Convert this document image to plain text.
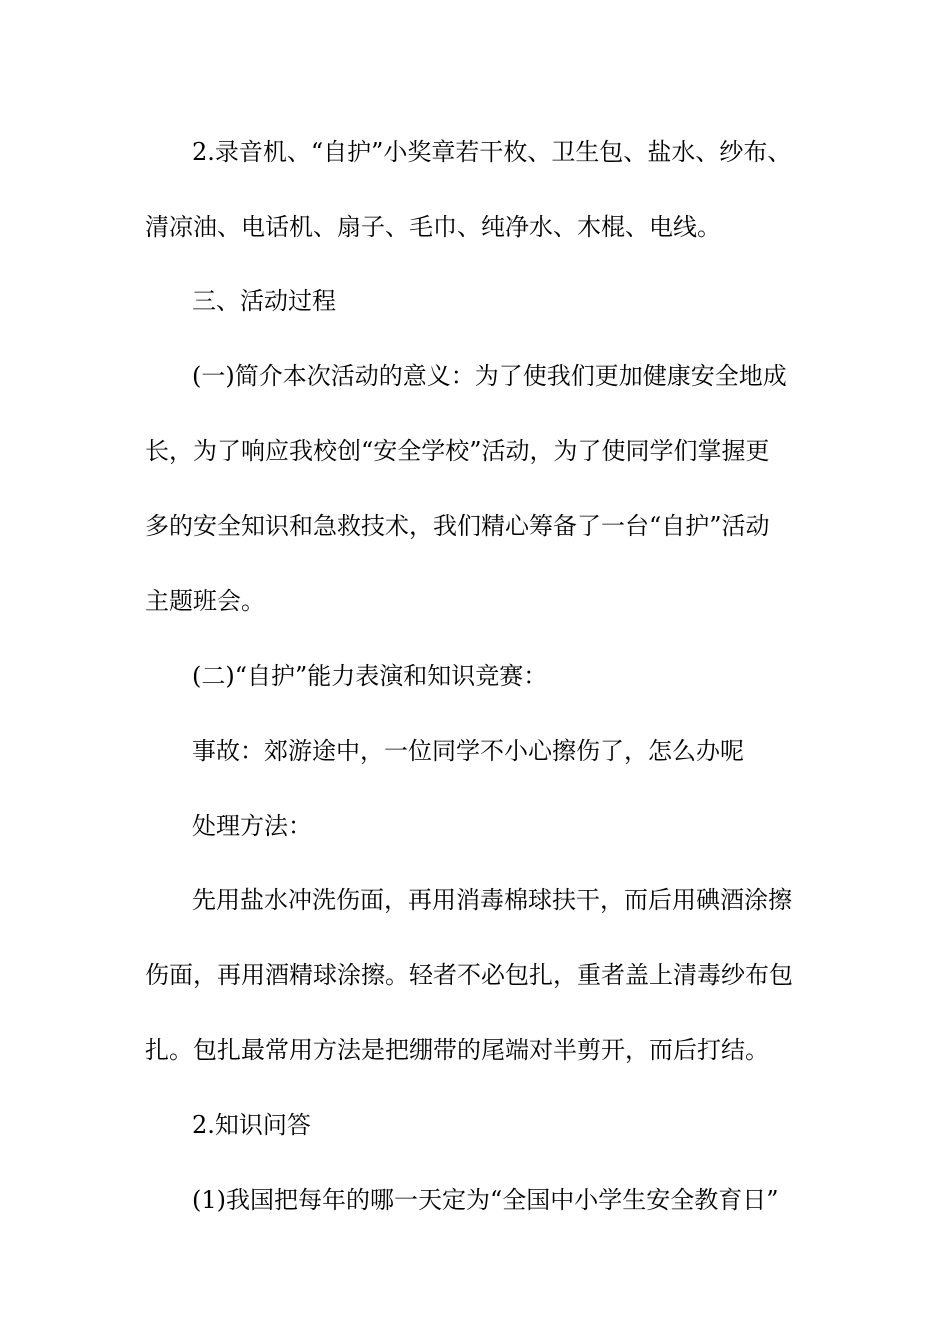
2.录音机、“自护”小奖章若干枚、卫生包、盐水、纱布、
清凉油、电话机、扇子、毛巾、纯净水、木棍、电线。
三、活动过程
(一)简介本次活动的意义：为了使我们更加健康安全地成
长，为了响应我校创“安全学校”活动，为了使同学们掌握更
多的安全知识和急救技术，我们精心筹备了一台“自护”活动
主题班会。
(二)“自护”能力表演和知识竞赛：
事故：郊游途中，一位同学不小心擦伤了，怎么办呢
处理方法：
先用盐水冲洗伤面，再用消毒棉球扶干，而后用碘酒涂擦
伤面，再用酒精球涂擦。轻者不必包扎，重者盖上清毒纱布包
扎。包扎最常用方法是把绷带的尾端对半剪开，而后打结。
2.知识问答
(1)我国把每年的哪一天定为“全国中小学生安全教育日”
